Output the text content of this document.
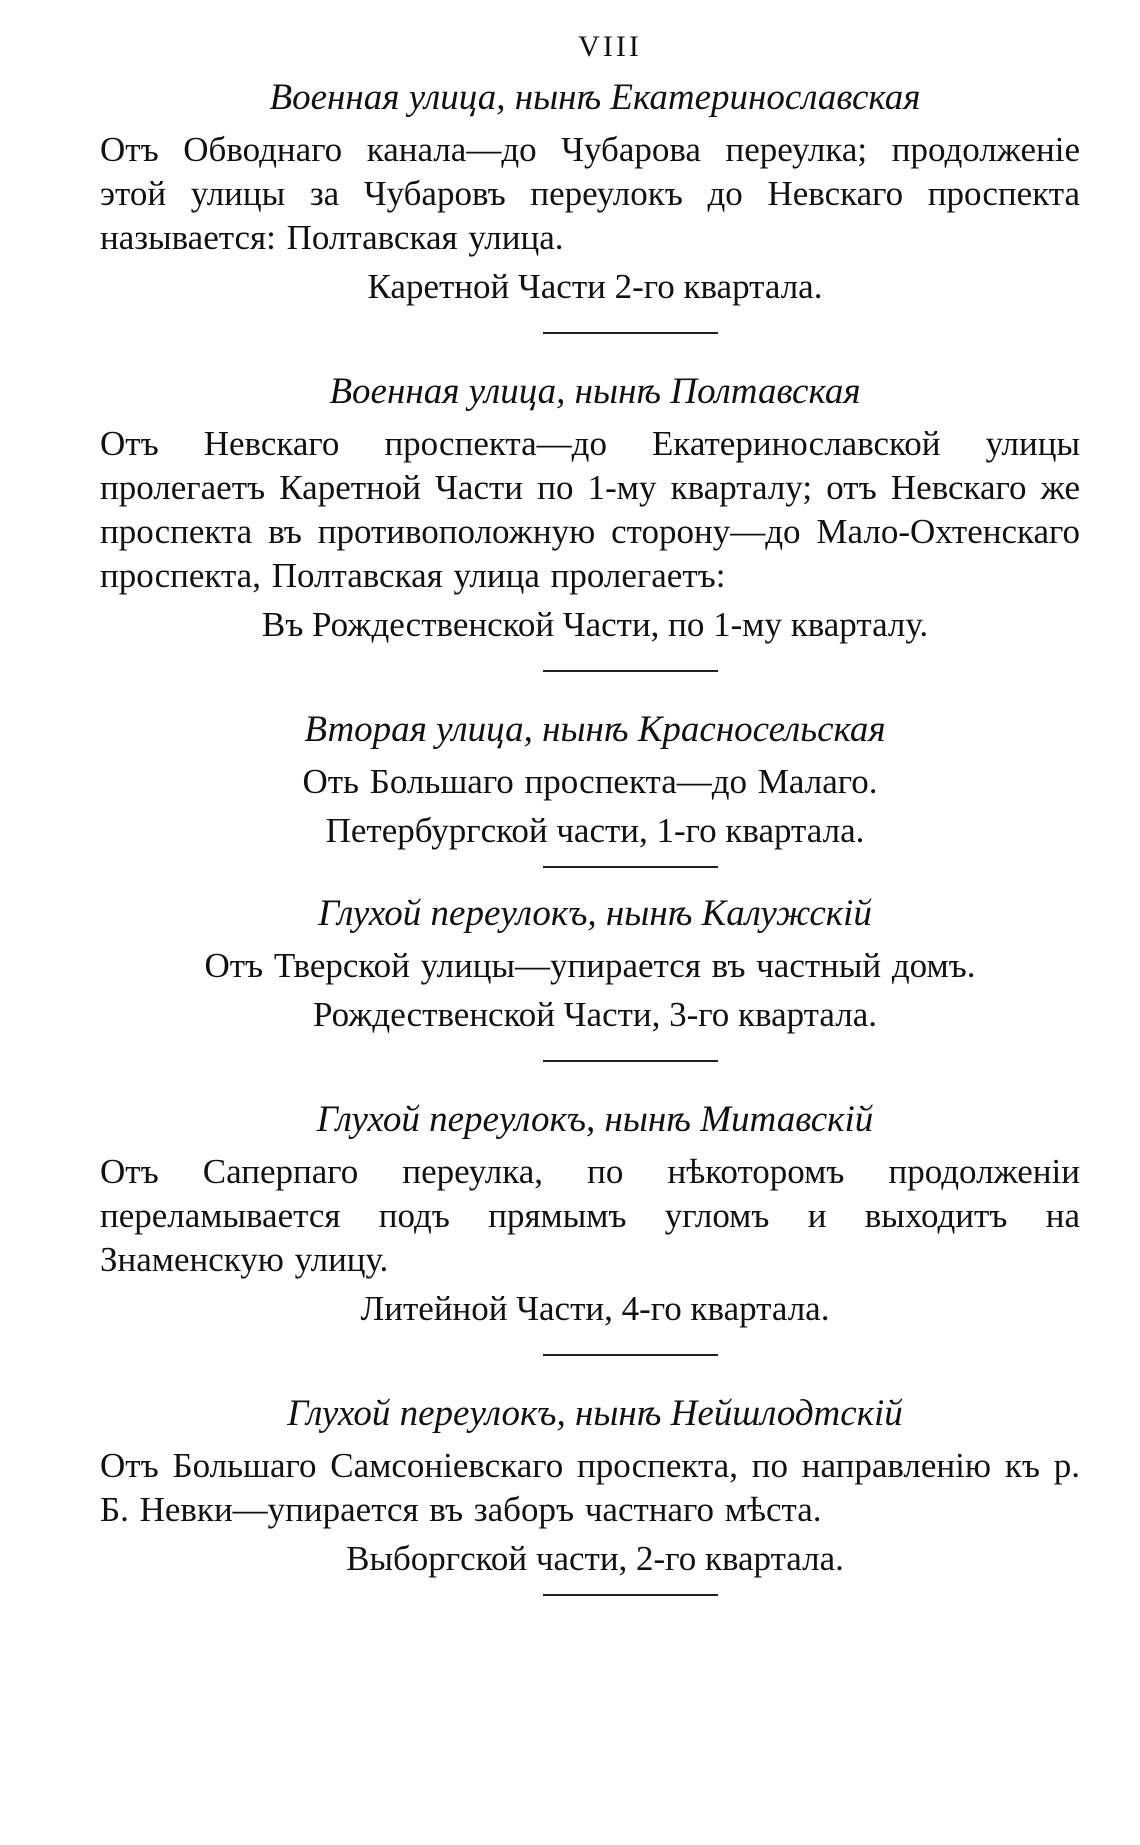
VIII
Военная улица, нынѣ Екатеринославская

Отъ Обводнаго канала—до Чубарова переулка; продолженіе этой улицы за Чубаровъ переулокъ до Невскаго проспекта называется: Полтавская улица.

Каретной Части 2-го квартала.
Военная улица, нынѣ Полтавская

Отъ Невскаго проспекта—до Екатеринославской улицы пролегаетъ Каретной Части по 1-му кварталу; отъ Невскаго же проспекта въ противоположную сторону—до Мало-Охтенскаго проспекта, Полтавская улица пролегаетъ:

Въ Рождественской Части, по 1-му кварталу.
Вторая улица, нынѣ Красносельская

Оть Большаго проспекта—до Малаго.

Петербургской части, 1-го квартала.
Глухой переулокъ, нынѣ Калужскій

Отъ Тверской улицы—упирается въ частный домъ.

Рождественской Части, 3-го квартала.
Глухой переулокъ, нынѣ Митавскій

Отъ Саперпаго переулка, по нѣкоторомъ продолженіи переламывается подъ прямымъ угломъ и выходитъ на Знаменскую улицу.

Литейной Части, 4-го квартала.
Глухой переулокъ, нынѣ Нейшлодтскій

Отъ Большаго Самсоніевскаго проспекта, по направленію къ р. Б. Невки—упирается въ заборъ частнаго мѣста.

Выборгской части, 2-го квартала.
